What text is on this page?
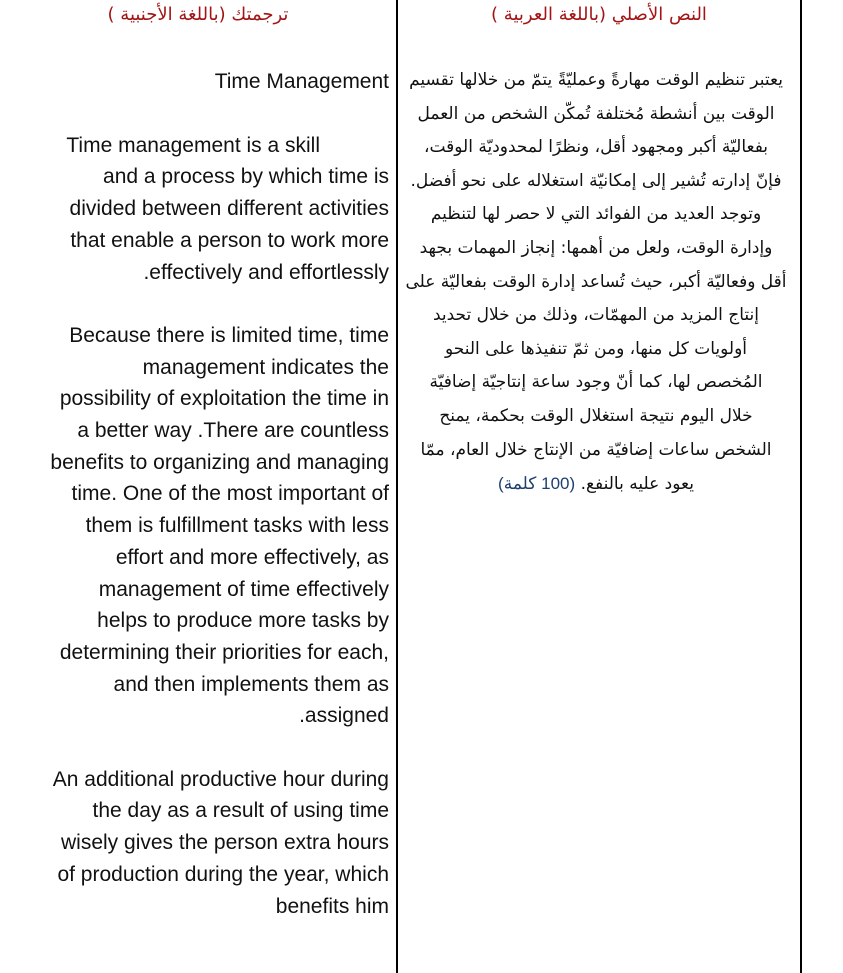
ترجمتك (باللغة الأجنبية )	النص الأصلي (باللغة العربية )
Time Management
Time management is a skill
and a process by which time is
divided between different activities
that enable a person to work more
.effectively and effortlessly
Because there is limited time, time
management indicates the
possibility of exploitation the time in
a better way .There are countless
benefits to organizing and managing
time. One of the most important of
them is fulfillment tasks with less
effort and more effectively, as
management of time effectively
helps to produce more tasks by
determining their priorities for each,
and then implements them as
.assigned
An additional productive hour during
the day as a result of using time
wisely gives the person extra hours
of production during the year, which
benefits him
يعتبر تنظيم الوقت مهارةً وعمليّةً يتمّ من خلالها تقسيم
الوقت بين أنشطة مُختلفة تُمكّن الشخص من العمل
بفعاليّة أكبر ومجهود أقل، ونظرًا لمحدوديّة الوقت،
فإنّ إدارته تُشير إلى إمكانيّة استغلاله على نحو أفضل.
وتوجد العديد من الفوائد التي لا حصر لها لتنظيم
وإدارة الوقت، ولعل من أهمها: إنجاز المهمات بجهد
أقل وفعاليّة أكبر، حيث تُساعد إدارة الوقت بفعاليّة على
إنتاج المزيد من المهمّات، وذلك من خلال تحديد
أولويات كل منها، ومن ثمّ تنفيذها على النحو
المُخصص لها، كما أنّ وجود ساعة إنتاجيّة إضافيّة
خلال اليوم نتيجة استغلال الوقت بحكمة، يمنح
الشخص ساعات إضافيّة من الإنتاج خلال العام، ممّا
يعود عليه بالنفع. (100 كلمة)
